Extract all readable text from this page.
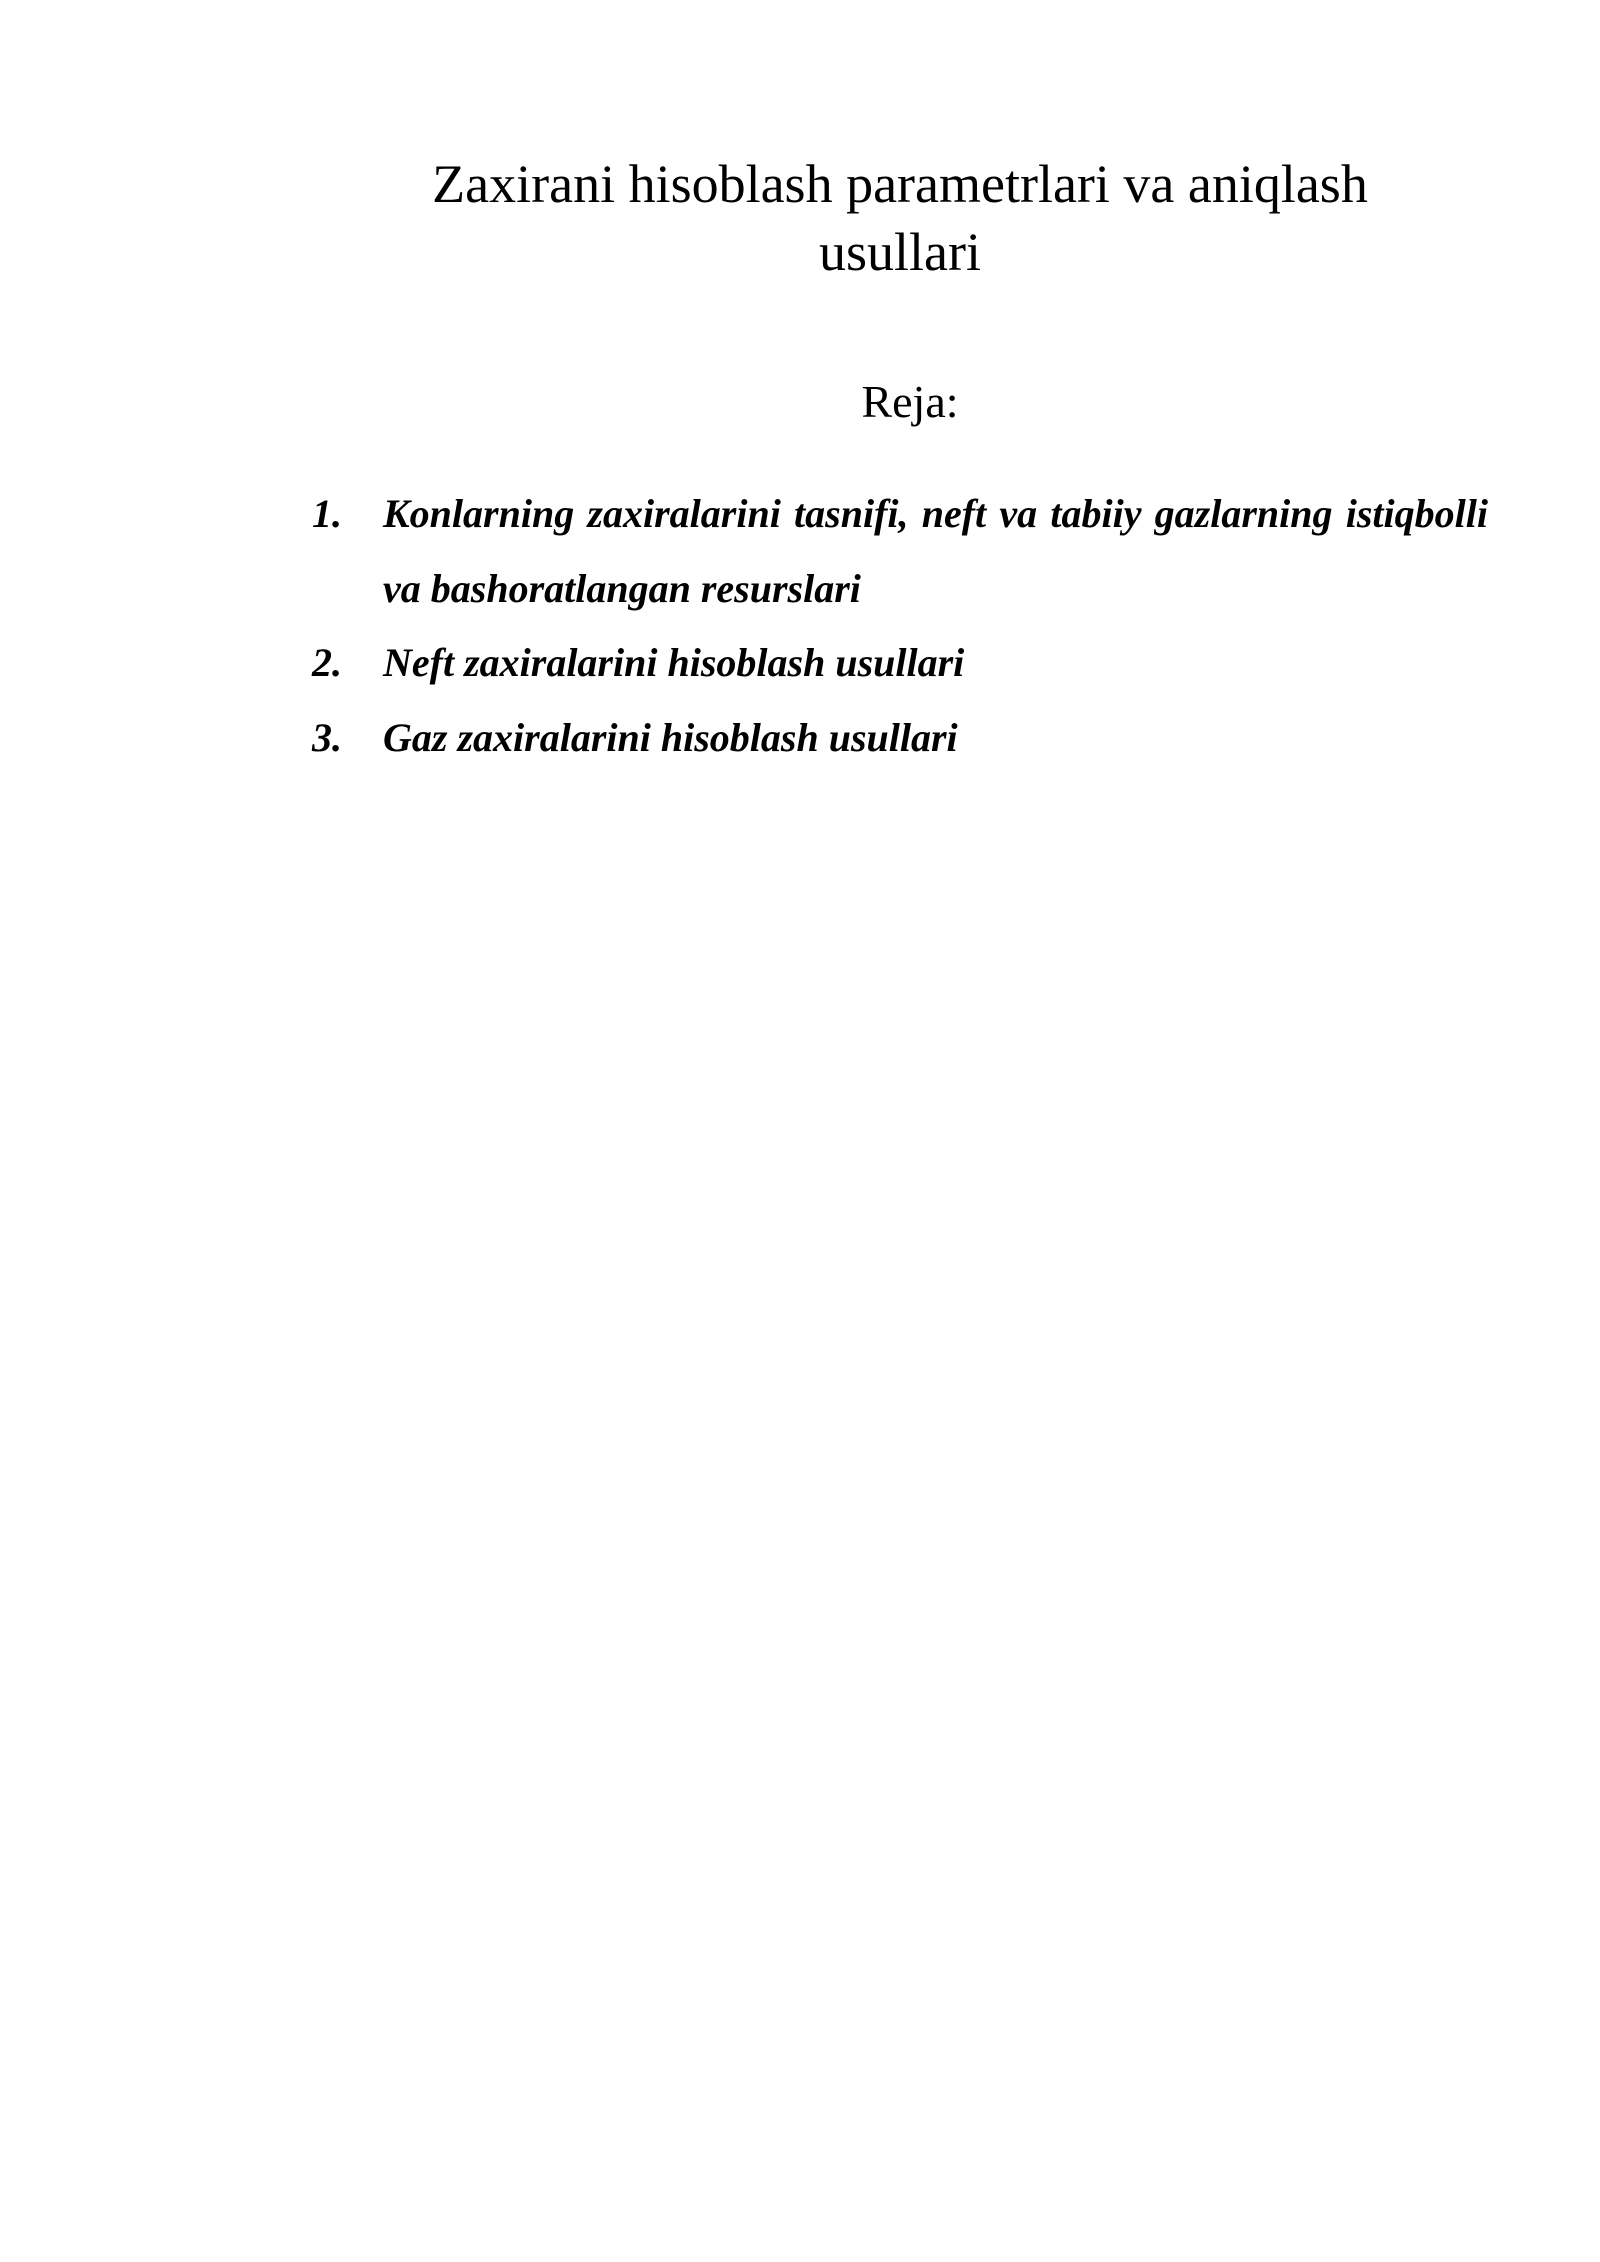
Zaxirani hisoblash parametrlari va aniqlash usullari
Reja:
1. Konlarning zaxiralarini tasnifi, neft va tabiiy gazlarning istiqbolli va bashoratlangan resurslari
2. Neft zaxiralarini hisoblash usullari
3. Gaz zaxiralarini hisoblash usullari
